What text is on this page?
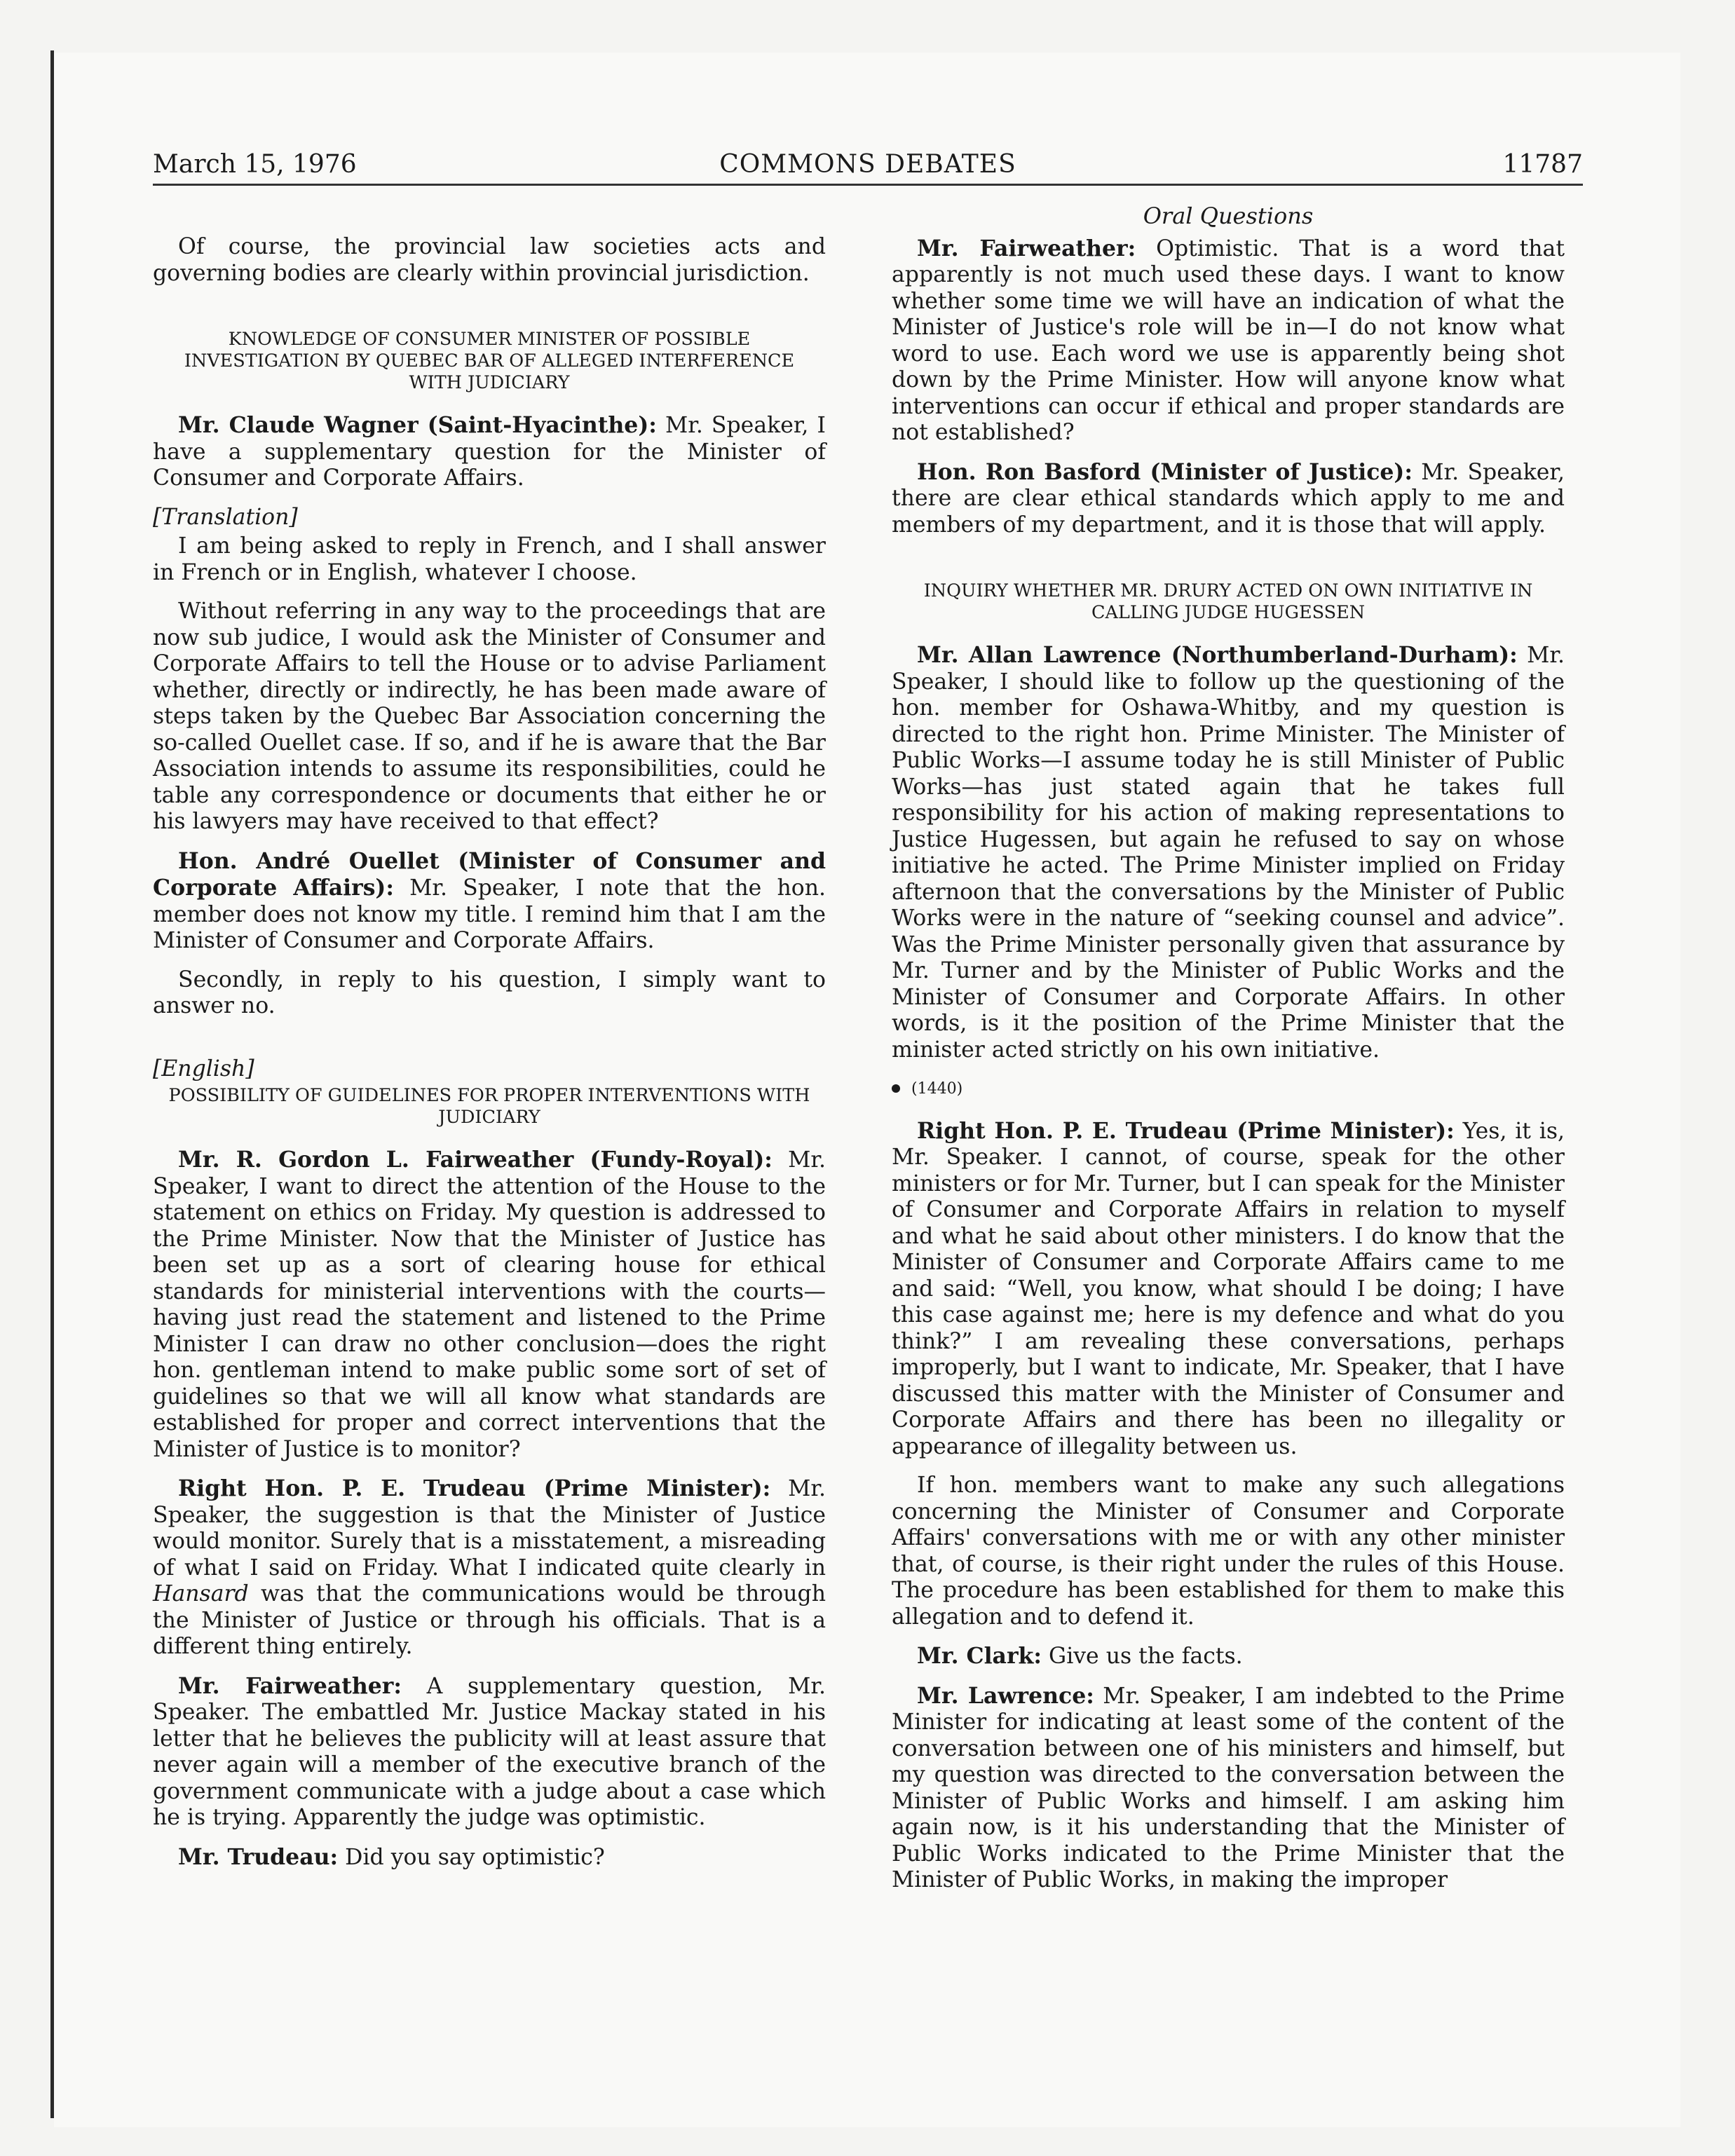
March 15, 1976	COMMONS DEBATES	11787

Of course, the provincial law societies acts and governing bodies are clearly within provincial jurisdiction.

KNOWLEDGE OF CONSUMER MINISTER OF POSSIBLE INVESTIGATION BY QUEBEC BAR OF ALLEGED INTERFERENCE WITH JUDICIARY

Mr. Claude Wagner (Saint-Hyacinthe): Mr. Speaker, I have a supplementary question for the Minister of Consumer and Corporate Affairs.

[Translation]

I am being asked to reply in French, and I shall answer in French or in English, whatever I choose.

Without referring in any way to the proceedings that are now sub judice, I would ask the Minister of Consumer and Corporate Affairs to tell the House or to advise Parliament whether, directly or indirectly, he has been made aware of steps taken by the Quebec Bar Association concerning the so-called Ouellet case. If so, and if he is aware that the Bar Association intends to assume its responsibilities, could he table any correspondence or documents that either he or his lawyers may have received to that effect?

Hon. André Ouellet (Minister of Consumer and Corporate Affairs): Mr. Speaker, I note that the hon. member does not know my title. I remind him that I am the Minister of Consumer and Corporate Affairs.

Secondly, in reply to his question, I simply want to answer no.

[English]
POSSIBILITY OF GUIDELINES FOR PROPER INTERVENTIONS WITH JUDICIARY

Mr. R. Gordon L. Fairweather (Fundy-Royal): Mr. Speaker, I want to direct the attention of the House to the statement on ethics on Friday. My question is addressed to the Prime Minister. Now that the Minister of Justice has been set up as a sort of clearing house for ethical standards for ministerial interventions with the courts—having just read the statement and listened to the Prime Minister I can draw no other conclusion—does the right hon. gentleman intend to make public some sort of set of guidelines so that we will all know what standards are established for proper and correct interventions that the Minister of Justice is to monitor?

Right Hon. P. E. Trudeau (Prime Minister): Mr. Speaker, the suggestion is that the Minister of Justice would monitor. Surely that is a misstatement, a misreading of what I said on Friday. What I indicated quite clearly in Hansard was that the communications would be through the Minister of Justice or through his officials. That is a different thing entirely.

Mr. Fairweather: A supplementary question, Mr. Speaker. The embattled Mr. Justice Mackay stated in his letter that he believes the publicity will at least assure that never again will a member of the executive branch of the government communicate with a judge about a case which he is trying. Apparently the judge was optimistic.

Mr. Trudeau: Did you say optimistic?

Oral Questions

Mr. Fairweather: Optimistic. That is a word that apparently is not much used these days. I want to know whether some time we will have an indication of what the Minister of Justice's role will be in—I do not know what word to use. Each word we use is apparently being shot down by the Prime Minister. How will anyone know what interventions can occur if ethical and proper standards are not established?

Hon. Ron Basford (Minister of Justice): Mr. Speaker, there are clear ethical standards which apply to me and members of my department, and it is those that will apply.

INQUIRY WHETHER MR. DRURY ACTED ON OWN INITIATIVE IN CALLING JUDGE HUGESSEN

Mr. Allan Lawrence (Northumberland-Durham): Mr. Speaker, I should like to follow up the questioning of the hon. member for Oshawa-Whitby, and my question is directed to the right hon. Prime Minister. The Minister of Public Works—I assume today he is still Minister of Public Works—has just stated again that he takes full responsibility for his action of making representations to Justice Hugessen, but again he refused to say on whose initiative he acted. The Prime Minister implied on Friday afternoon that the conversations by the Minister of Public Works were in the nature of “seeking counsel and advice”. Was the Prime Minister personally given that assurance by Mr. Turner and by the Minister of Public Works and the Minister of Consumer and Corporate Affairs. In other words, is it the position of the Prime Minister that the minister acted strictly on his own initiative.

(1440)

Right Hon. P. E. Trudeau (Prime Minister): Yes, it is, Mr. Speaker. I cannot, of course, speak for the other ministers or for Mr. Turner, but I can speak for the Minister of Consumer and Corporate Affairs in relation to myself and what he said about other ministers. I do know that the Minister of Consumer and Corporate Affairs came to me and said: “Well, you know, what should I be doing; I have this case against me; here is my defence and what do you think?” I am revealing these conversations, perhaps improperly, but I want to indicate, Mr. Speaker, that I have discussed this matter with the Minister of Consumer and Corporate Affairs and there has been no illegality or appearance of illegality between us.

If hon. members want to make any such allegations concerning the Minister of Consumer and Corporate Affairs' conversations with me or with any other minister that, of course, is their right under the rules of this House. The procedure has been established for them to make this allegation and to defend it.

Mr. Clark: Give us the facts.

Mr. Lawrence: Mr. Speaker, I am indebted to the Prime Minister for indicating at least some of the content of the conversation between one of his ministers and himself, but my question was directed to the conversation between the Minister of Public Works and himself. I am asking him again now, is it his understanding that the Minister of Public Works indicated to the Prime Minister that the Minister of Public Works, in making the improper
